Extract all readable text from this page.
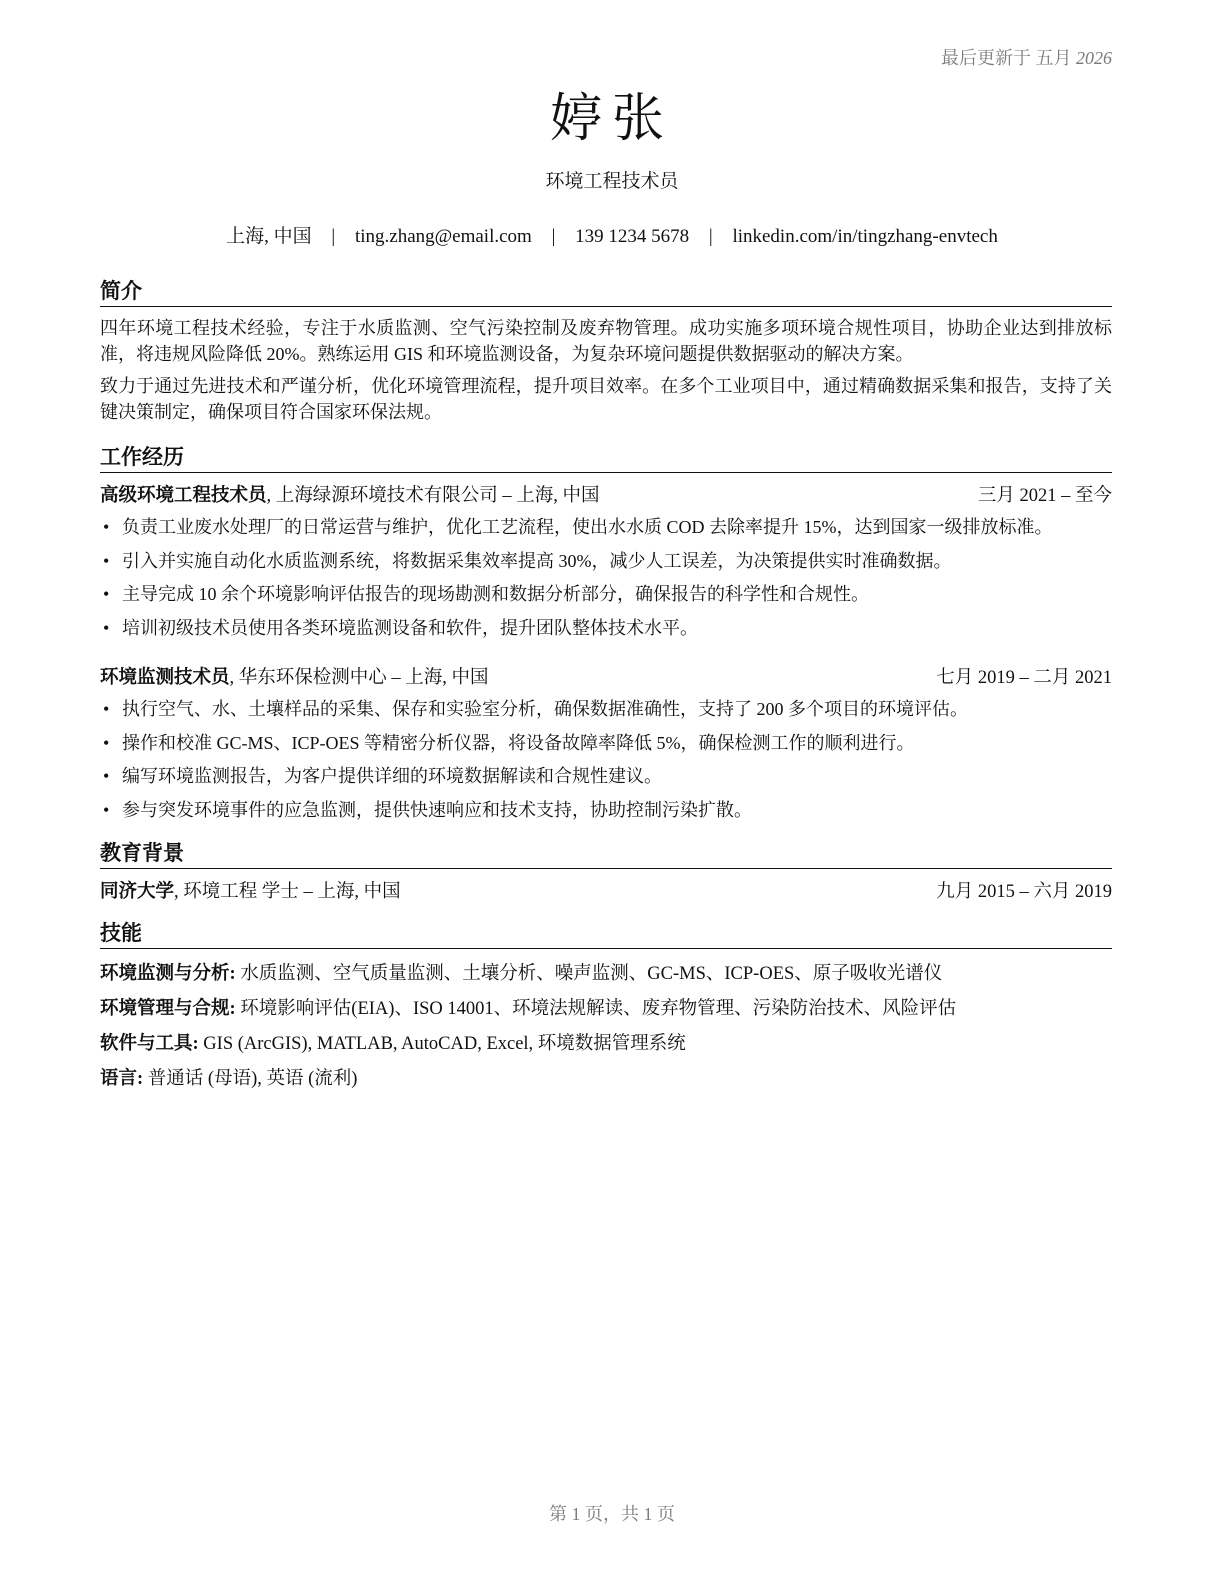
最后更新于 五月 2026
婷张
环境工程技术员
上海, 中国 | ting.zhang@email.com | 139 1234 5678 | linkedin.com/in/tingzhang-envtech
简介

四年环境工程技术经验，专注于水质监测、空气污染控制及废弃物管理。成功实施多项环境合规性项目，协助企业达到排放标准，将违规风险降低 20%。熟练运用 GIS 和环境监测设备，为复杂环境问题提供数据驱动的解决方案。

致力于通过先进技术和严谨分析，优化环境管理流程，提升项目效率。在多个工业项目中，通过精确数据采集和报告，支持了关键决策制定，确保项目符合国家环保法规。

工作经历
高级环境工程技术员, 上海绿源环境技术有限公司 – 上海, 中国	三月 2021 – 至今
• 负责工业废水处理厂的日常运营与维护，优化工艺流程，使出水水质 COD 去除率提升 15%，达到国家一级排放标准。
• 引入并实施自动化水质监测系统，将数据采集效率提高 30%，减少人工误差，为决策提供实时准确数据。
• 主导完成 10 余个环境影响评估报告的现场勘测和数据分析部分，确保报告的科学性和合规性。
• 培训初级技术员使用各类环境监测设备和软件，提升团队整体技术水平。
环境监测技术员, 华东环保检测中心 – 上海, 中国	七月 2019 – 二月 2021
• 执行空气、水、土壤样品的采集、保存和实验室分析，确保数据准确性，支持了 200 多个项目的环境评估。
• 操作和校准 GC-MS、ICP-OES 等精密分析仪器，将设备故障率降低 5%，确保检测工作的顺利进行。
• 编写环境监测报告，为客户提供详细的环境数据解读和合规性建议。
• 参与突发环境事件的应急监测，提供快速响应和技术支持，协助控制污染扩散。
教育背景
同济大学, 环境工程 学士 – 上海, 中国	九月 2015 – 六月 2019
技能
环境监测与分析: 水质监测、空气质量监测、土壤分析、噪声监测、GC-MS、ICP-OES、原子吸收光谱仪
环境管理与合规: 环境影响评估(EIA)、ISO 14001、环境法规解读、废弃物管理、污染防治技术、风险评估
软件与工具: GIS (ArcGIS), MATLAB, AutoCAD, Excel, 环境数据管理系统
语言: 普通话 (母语), 英语 (流利)
第 1 页，共 1 页
